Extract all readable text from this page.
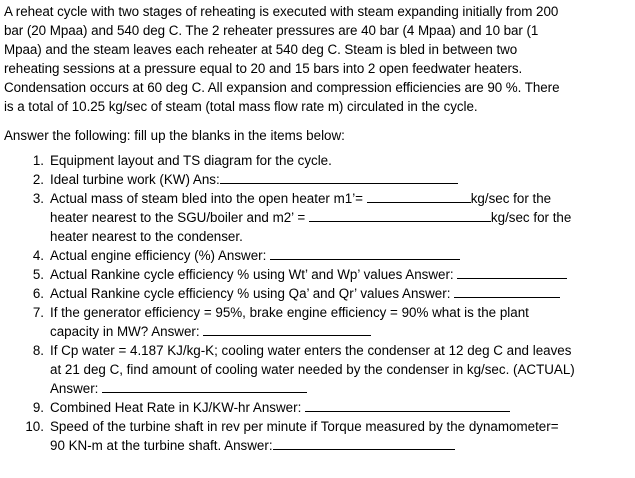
A reheat cycle with two stages of reheating is executed with steam expanding initially from 200
bar (20 Mpaa) and 540 deg C. The 2 reheater pressures are 40 bar (4 Mpaa) and 10 bar (1
Mpaa) and the steam leaves each reheater at 540 deg C. Steam is bled in between two
reheating sessions at a pressure equal to 20 and 15 bars into 2 open feedwater heaters.
Condensation occurs at 60 deg C. All expansion and compression efficiencies are 90 %. There
is a total of 10.25 kg/sec of steam (total mass flow rate m) circulated in the cycle.

Answer the following: fill up the blanks in the items below:

Equipment layout and TS diagram for the cycle.
Ideal turbine work (KW) Ans:
Actual mass of steam bled into the open heater m1’=	kg/sec for the
heater nearest to the SGU/boiler and m2’ =	kg/sec for the
heater nearest to the condenser.
Actual engine efficiency (%) Answer:
Actual Rankine cycle efficiency % using Wt’ and Wp’ values Answer:
Actual Rankine cycle efficiency % using Qa’ and Qr’ values Answer:
If the generator efficiency = 95%, brake engine efficiency = 90% what is the plant
capacity in MW? Answer:
If Cp water = 4.187 KJ/kg-K; cooling water enters the condenser at 12 deg C and leaves
at 21 deg C, find amount of cooling water needed by the condenser in kg/sec. (ACTUAL)
Answer:
Combined Heat Rate in KJ/KW-hr Answer:
Speed of the turbine shaft in rev per minute if Torque measured by the dynamometer=
90 KN-m at the turbine shaft. Answer:
